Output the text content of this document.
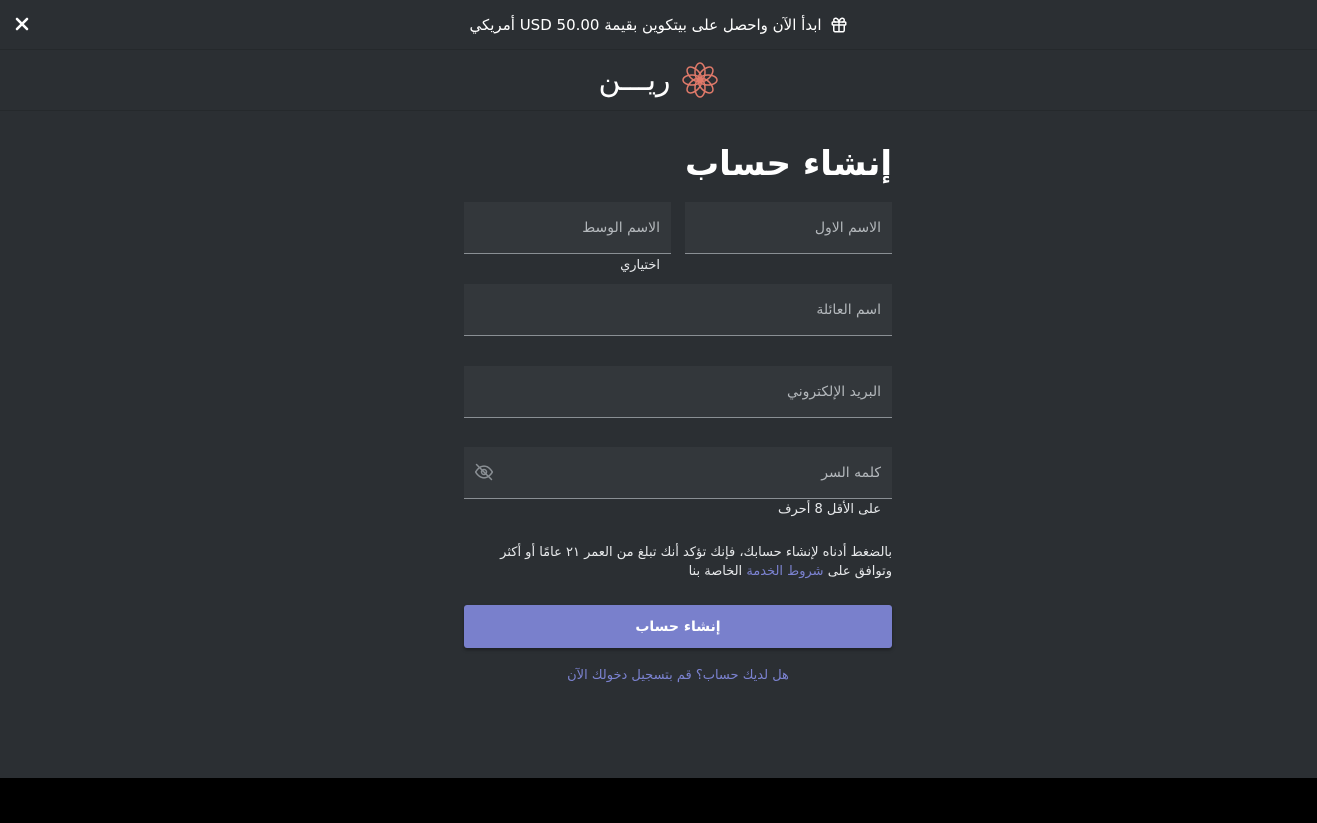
ابدأ الآن واحصل على بيتكوين بقيمة 50.00 USD أمريكي
ريـــن
إنشاء حساب
الاسم الاول
الاسم الوسط
اختياري
اسم العائلة
البريد الإلكتروني
على الأقل 8 أحرف
بالضغط أدناه لإنشاء حسابك، فإنك تؤكد أنك تبلغ من العمر ٢١ عامًا أو أكثر
وتوافق على شروط الخدمة الخاصة بنا
إنشاء حساب
هل لديك حساب؟ قم بتسجيل دخولك الآن
